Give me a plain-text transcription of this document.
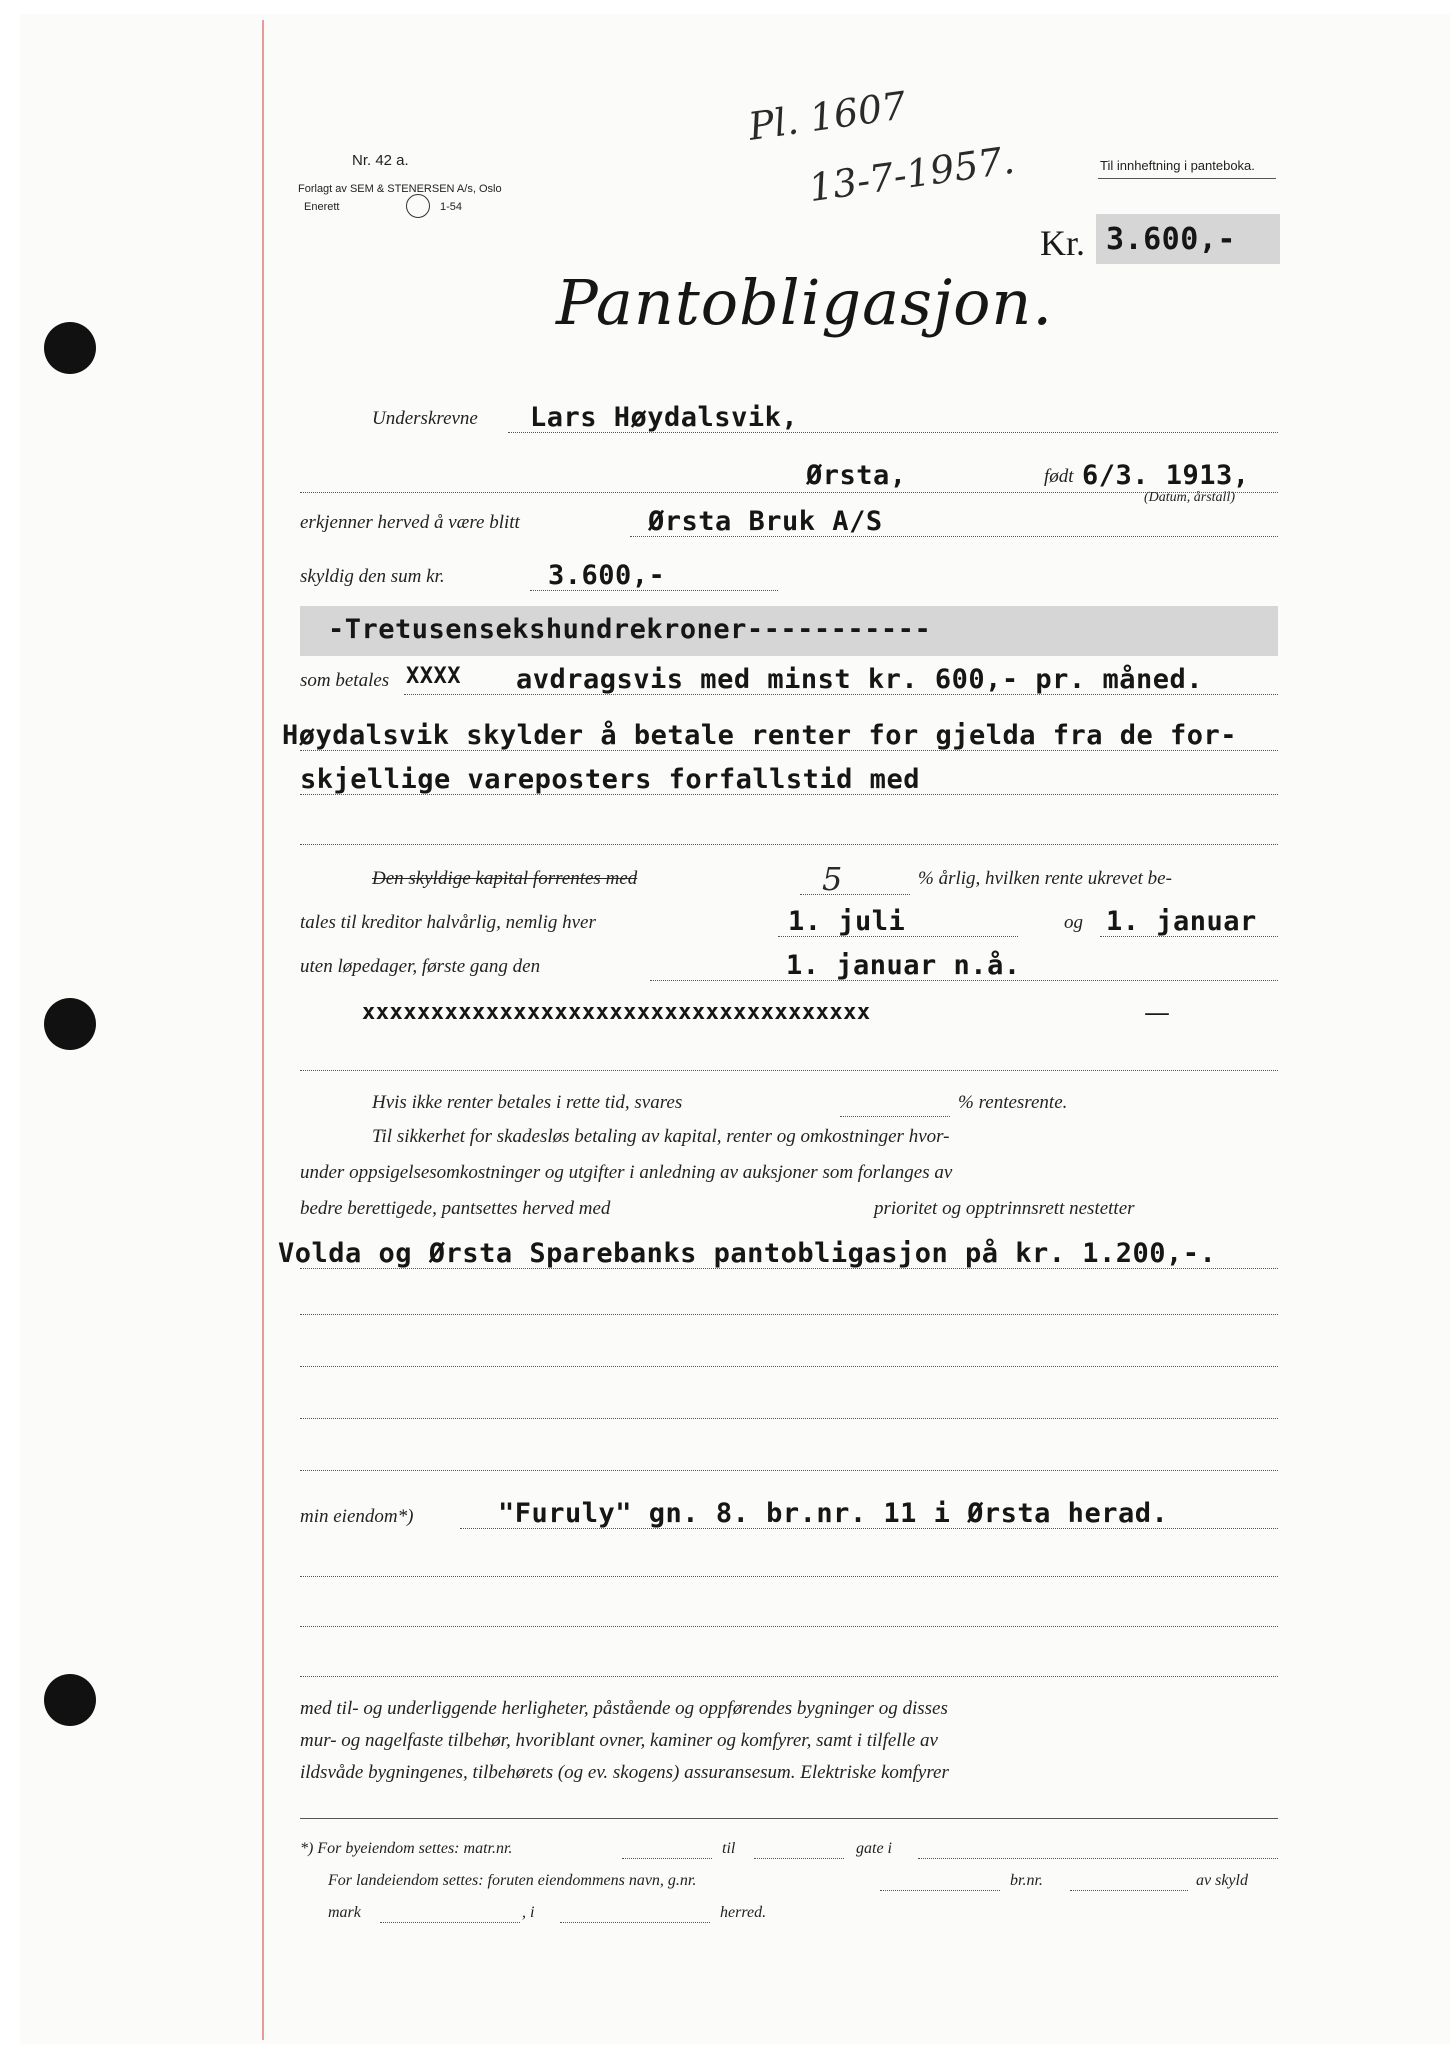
Pl. 1607
13-7-1957.
Nr. 42 a.
Forlagt av SEM & STENERSEN A/s, Oslo
Enerett	1-54
Til innheftning i panteboka.
Kr. 3.600,-
Pantobligasjon.
Underskrevne Lars Høydalsvik,
Ørsta,	født 6/3. 1913,
(Datum, årstall)
erkjenner herved å være blitt	Ørsta Bruk A/S
skyldig den sum kr.	3.600,-
-Tretusensekshundrekroner-----------
som betales XXXX avdragsvis med minst kr. 600,- pr. måned.
Høydalsvik skylder å betale renter for gjelda fra de for-
skjellige vareposters forfallstid med
Den skyldige kapital forrentes med	5	% årlig, hvilken rente ukrevet be-
tales til kreditor halvårlig, nemlig hver	1. juli	og 1. januar
uten løpedager, første gang den	1. januar n.å.
xxxxxxxxxxxxxxxxxxxxxxxxxxxxxxxxxxxxx	—
Hvis ikke renter betales i rette tid, svares	% rentesrente.
Til sikkerhet for skadesløs betaling av kapital, renter og omkostninger hvor-
under oppsigelsesomkostninger og utgifter i anledning av auksjoner som forlanges av
bedre berettigede, pantsettes herved med	prioritet og opptrinnsrett nestetter
Volda og Ørsta Sparebanks pantobligasjon på kr. 1.200,-.
min eiendom*)	"Furuly" gn. 8. br.nr. 11 i Ørsta herad.
med til- og underliggende herligheter, påstående og oppførendes bygninger og disses
mur- og nagelfaste tilbehør, hvoriblant ovner, kaminer og komfyrer, samt i tilfelle av
ildsvåde bygningenes, tilbehørets (og ev. skogens) assuransesum. Elektriske komfyrer
*) For byeiendom settes: matr.nr.	til	gate i
For landeiendom settes: foruten eiendommens navn, g.nr.	br.nr.	av skyld
mark	, i	herred.
